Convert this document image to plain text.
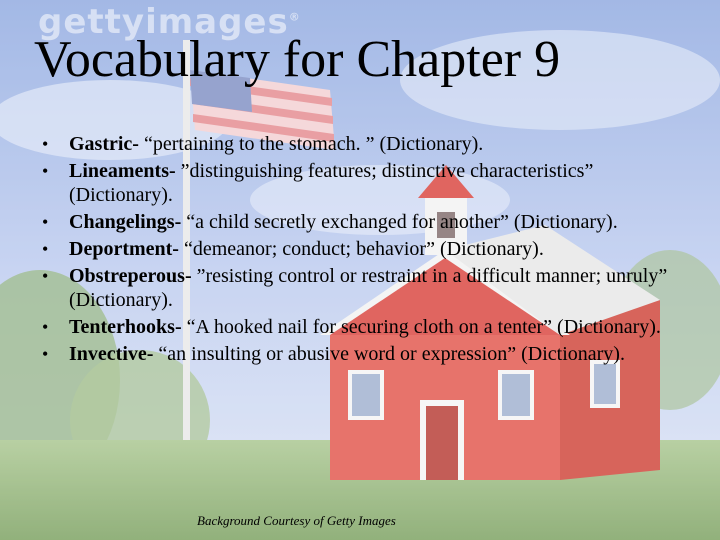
gettyimages®
Vocabulary for Chapter 9
• Gastric- “pertaining to the stomach. ” (Dictionary).
• Lineaments- ”distinguishing features; distinctive characteristics” (Dictionary).
• Changelings- “a child secretly exchanged for another” (Dictionary).
• Deportment- “demeanor; conduct; behavior” (Dictionary).
• Obstreperous- ”resisting control or restraint in a difficult manner; unruly” (Dictionary).
• Tenterhooks- “A hooked nail for securing cloth on a tenter” (Dictionary).
• Invective- “an insulting or abusive word or expression” (Dictionary).
Background Courtesy of Getty Images
